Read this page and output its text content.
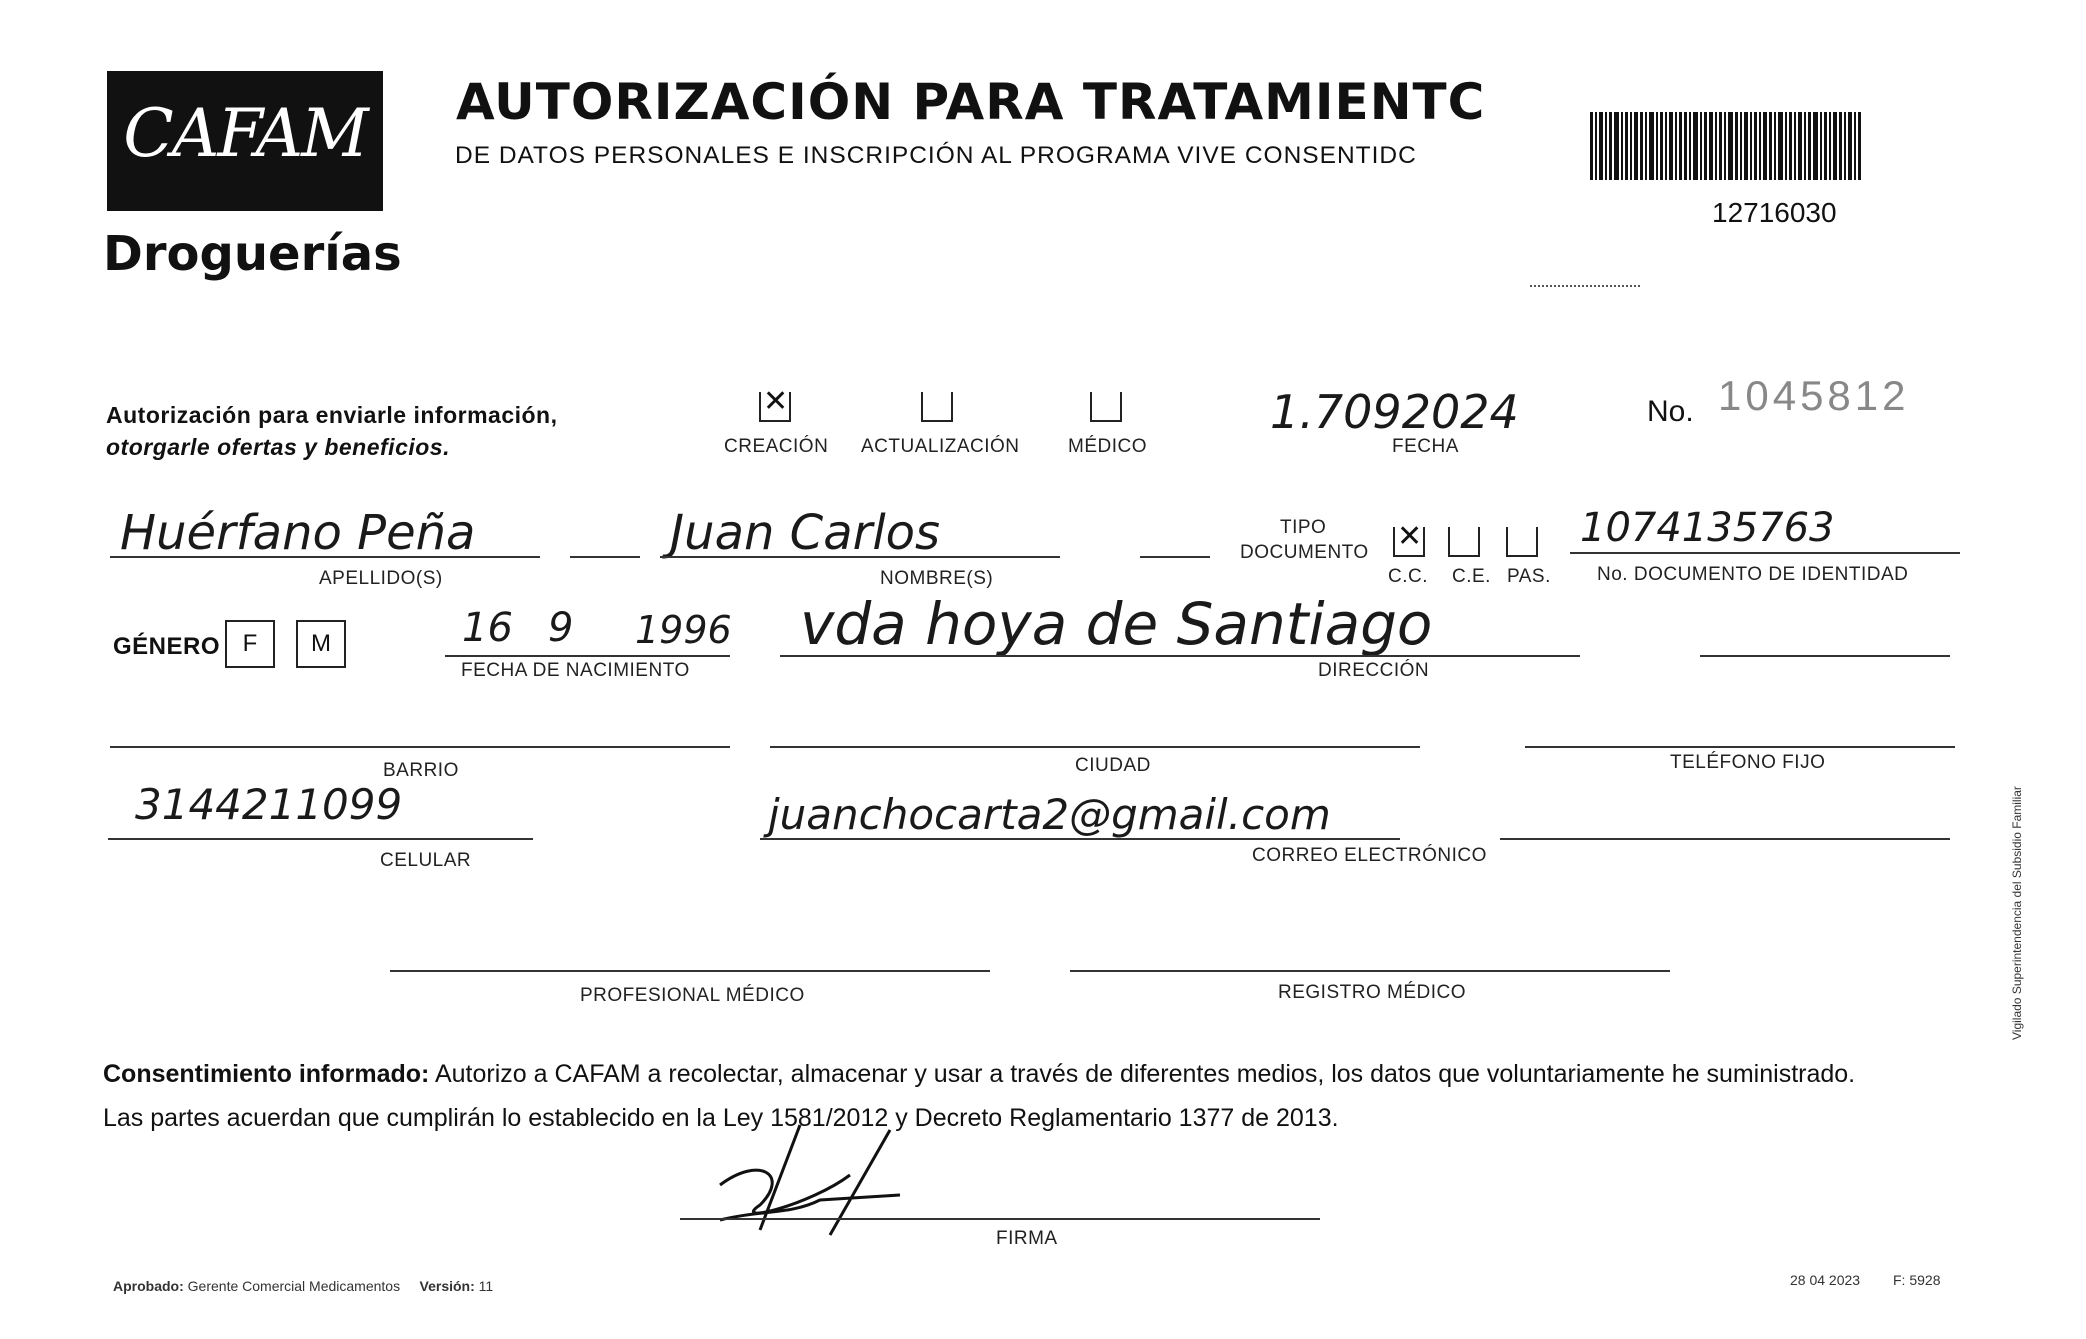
CAFAM
Droguerías
AUTORIZACIÓN PARA TRATAMIENTC
DE DATOS PERSONALES E INSCRIPCIÓN AL PROGRAMA VIVE CONSENTIDC
12716030
Autorización para enviarle información,
otorgarle ofertas y beneficios.
✕
CREACIÓN ACTUALIZACIÓN	MÉDICO
1.7092024
FECHA
No. 1045812
Huérfano Peña
APELLIDO(S)
Juan Carlos
NOMBRE(S)
TIPO
DOCUMENTO ✕
C.C. C.E. PAS.
1074135763
No. DOCUMENTO DE IDENTIDAD
GÉNERO F	M	16 9 1996
FECHA DE NACIMIENTO
vda hoya de Santiago
DIRECCIÓN
BARRIO	CIUDAD	TELÉFONO FIJO
3144211099
CELULAR
juanchocarta2@gmail.com
CORREO ELECTRÓNICO
PROFESIONAL MÉDICO	REGISTRO MÉDICO
Consentimiento informado: Autorizo a CAFAM a recolectar, almacenar y usar a través de diferentes medios, los datos que voluntariamente he suministrado.
Las partes acuerdan que cumplirán lo establecido en la Ley 1581/2012 y Decreto Reglamentario 1377 de 2013.
FIRMA
Aprobado: Gerente Comercial Medicamentos Versión: 11	28 04 2023 F: 5928
Vigilado Superintendencia del Subsidio Familiar
